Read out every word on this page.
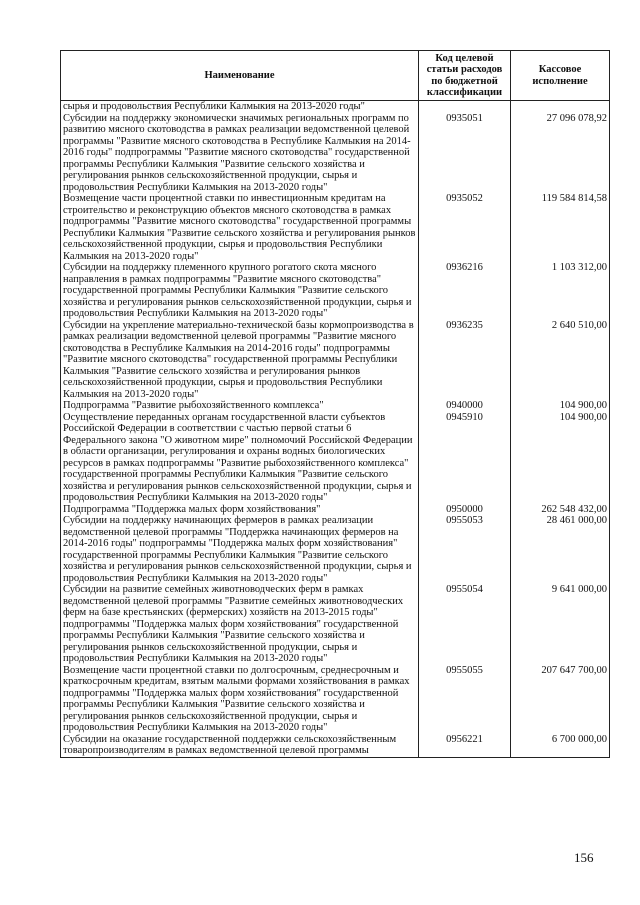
Наименование	Код целевой статьи расходов по бюджетной классификации	Кассовое исполнение
сырья и продовольствия Республики Калмыкия на 2013-2020 годы"		
Субсидии на поддержку экономически значимых региональных программ по развитию мясного скотоводства в рамках реализации ведомственной целевой программы "Развитие мясного скотоводства в Республике Калмыкия на 2014-2016 годы" подпрограммы "Развитие мясного скотоводства" государственной программы Республики Калмыкия "Развитие сельского хозяйства и регулирования рынков сельскохозяйственной продукции, сырья и продовольствия Республики Калмыкия на 2013-2020 годы"	0935051	27 096 078,92
Возмещение части процентной ставки по инвестиционным кредитам на строительство и реконструкцию объектов мясного скотоводства в рамках подпрограммы "Развитие мясного скотоводства" государственной программы Республики Калмыкия "Развитие сельского хозяйства и регулирования рынков сельскохозяйственной продукции, сырья и продовольствия Республики Калмыкия на 2013-2020 годы"	0935052	119 584 814,58
Субсидии на поддержку племенного крупного рогатого скота мясного направления в рамках подпрограммы "Развитие мясного скотоводства" государственной программы Республики Калмыкия "Развитие сельского хозяйства и регулирования рынков сельскохозяйственной продукции, сырья и продовольствия Республики Калмыкия на 2013-2020 годы"	0936216	1 103 312,00
Субсидии на укрепление материально-технической базы кормопроизводства в рамках реализации ведомственной целевой программы "Развитие мясного скотоводства в Республике Калмыкия на 2014-2016 годы" подпрограммы "Развитие мясного скотоводства" государственной программы Республики Калмыкия "Развитие сельского хозяйства и регулирования рынков сельскохозяйственной продукции, сырья и продовольствия Республики Калмыкия на 2013-2020 годы"	0936235	2 640 510,00
Подпрограмма "Развитие рыбохозяйственного комплекса"	0940000	104 900,00
Осуществление переданных органам государственной власти субъектов Российской Федерации в соответствии с частью первой статьи 6 Федерального закона "О животном мире" полномочий Российской Федерации в области организации, регулирования и охраны водных биологических ресурсов в рамках подпрограммы "Развитие рыбохозяйственного комплекса" государственной программы Республики Калмыкия "Развитие сельского хозяйства и регулирования рынков сельскохозяйственной продукции, сырья и продовольствия Республики Калмыкия на 2013-2020 годы"	0945910	104 900,00
Подпрограмма "Поддержка малых форм хозяйствования"	0950000	262 548 432,00
Субсидии на поддержку начинающих фермеров в рамках реализации ведомственной целевой программы "Поддержка начинающих фермеров на 2014-2016 годы" подпрограммы "Поддержка малых форм хозяйствования" государственной программы Республики Калмыкия "Развитие сельского хозяйства и регулирования рынков сельскохозяйственной продукции, сырья и продовольствия Республики Калмыкия на 2013-2020 годы"	0955053	28 461 000,00
Субсидии на развитие семейных животноводческих ферм в рамках ведомственной целевой программы "Развитие семейных животноводческих ферм на базе крестьянских (фермерских) хозяйств на 2013-2015 годы" подпрограммы "Поддержка малых форм хозяйствования" государственной программы Республики Калмыкия "Развитие сельского хозяйства и регулирования рынков сельскохозяйственной продукции, сырья и продовольствия Республики Калмыкия на 2013-2020 годы"	0955054	9 641 000,00
Возмещение части процентной ставки по долгосрочным, среднесрочным и краткосрочным кредитам, взятым малыми формами хозяйствования в рамках подпрограммы "Поддержка малых форм хозяйствования" государственной программы Республики Калмыкия "Развитие сельского хозяйства и регулирования рынков сельскохозяйственной продукции, сырья и продовольствия Республики Калмыкия на 2013-2020 годы"	0955055	207 647 700,00
Субсидии на оказание государственной поддержки сельскохозяйственным товаропроизводителям в рамках ведомственной целевой программы	0956221	6 700 000,00
156
